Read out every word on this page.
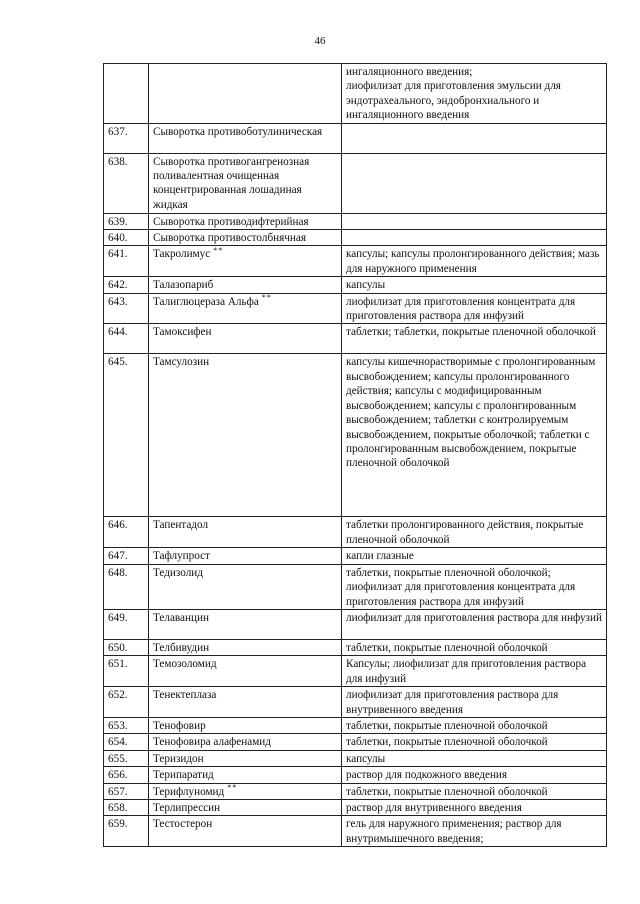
46
		ингаляционного введения;
лиофилизат для приготовления эмульсии для эндотрахеального, эндобронхиального и ингаляционного введения
637.	Сыворотка противоботулиническая	
638.	Сыворотка противогангренозная поливалентная очищенная концентрированная лошадиная жидкая	
639.	Сыворотка противодифтерийная	
640.	Сыворотка противостолбнячная	
641.	Такролимус **	капсулы; капсулы пролонгированного действия; мазь для наружного применения
642.	Талазопариб	капсулы
643.	Талиглюцераза Альфа **	лиофилизат для приготовления концентрата для приготовления раствора для инфузий
644.	Тамоксифен	таблетки; таблетки, покрытые пленочной оболочкой
645.	Тамсулозин	капсулы кишечнорастворимые с пролонгированным высвобождением; капсулы пролонгированного действия; капсулы с модифицированным высвобождением; капсулы с пролонгированным высвобождением; таблетки с контролируемым высвобождением, покрытые оболочкой; таблетки с пролонгированным высвобождением, покрытые пленочной оболочкой
646.	Тапентадол	таблетки пролонгированного действия, покрытые пленочной оболочкой
647.	Тафлупрост	капли глазные
648.	Тедизолид	таблетки, покрытые пленочной оболочкой; лиофилизат для приготовления концентрата для приготовления раствора для инфузий
649.	Телаванцин	лиофилизат для приготовления раствора для инфузий
650.	Телбивудин	таблетки, покрытые пленочной оболочкой
651.	Темозоломид	Капсулы; лиофилизат для приготовления раствора для инфузий
652.	Тенектеплаза	лиофилизат для приготовления раствора для внутривенного введения
653.	Тенофовир	таблетки, покрытые пленочной оболочкой
654.	Тенофовира алафенамид	таблетки, покрытые пленочной оболочкой
655.	Теризидон	капсулы
656.	Терипаратид	раствор для подкожного введения
657.	Терифлуномид **	таблетки, покрытые пленочной оболочкой
658.	Терлипрессин	раствор для внутривенного введения
659.	Тестостерон	гель для наружного применения; раствор для внутримышечного введения;
